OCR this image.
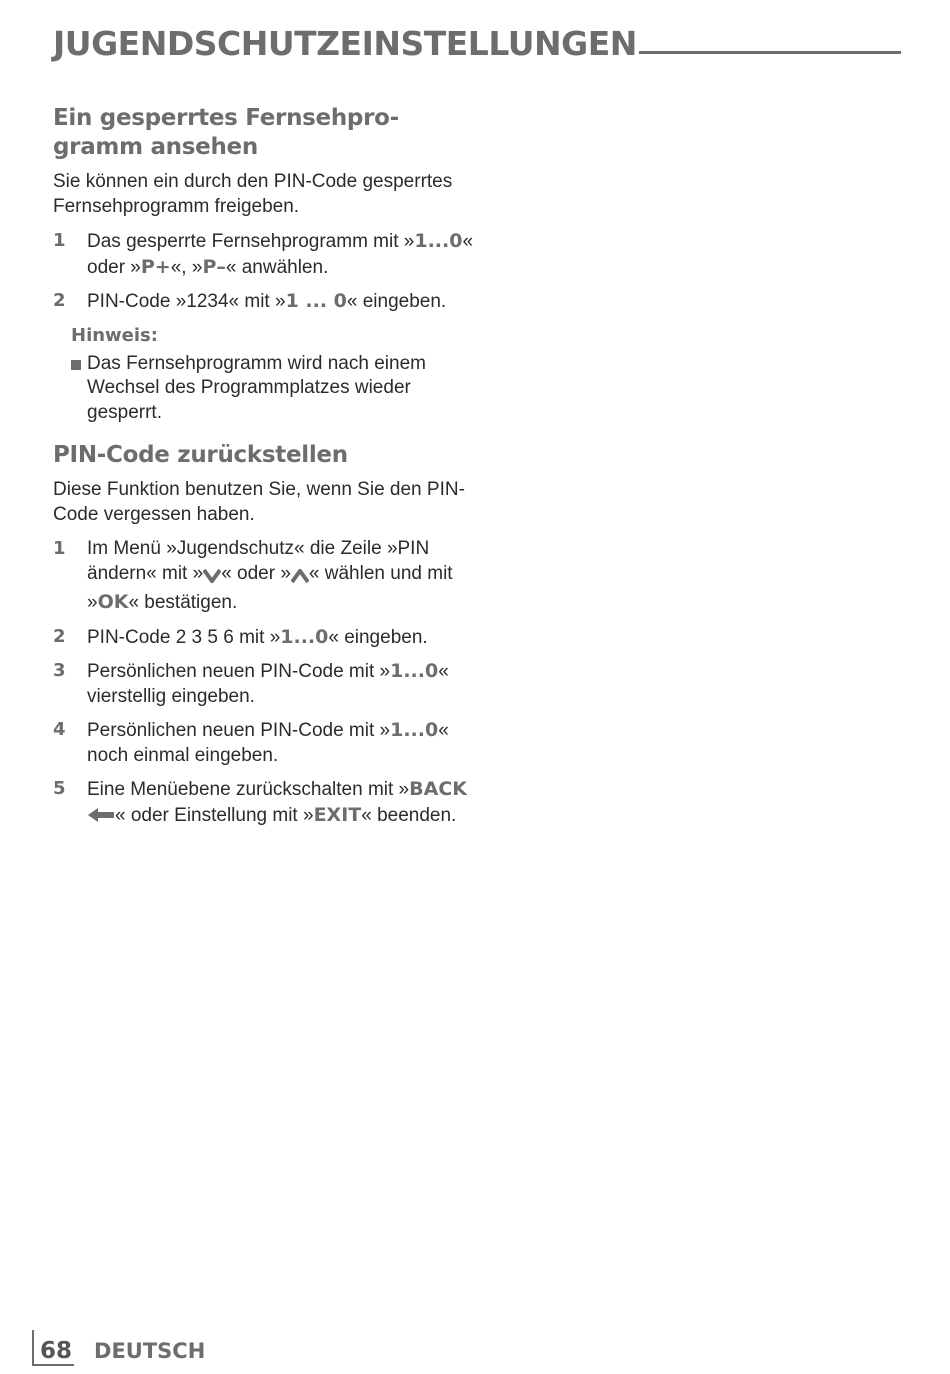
JUGENDSCHUTZEINSTELLUNGEN
Ein gesperrtes Fernsehpro-
gramm ansehen

Sie können ein durch den PIN-Code gesperrtes Fernsehprogramm freigeben.

1	Das gesperrte Fernsehprogramm mit »1...0« oder »P+«, »P–« anwählen.
2	PIN-Code »1234« mit »1 ... 0« eingeben.
Hinweis:
Das Fernsehprogramm wird nach einem Wechsel des Programmplatzes wieder gesperrt.
PIN-Code zurückstellen

Diese Funktion benutzen Sie, wenn Sie den PIN-Code vergessen haben.

1	Im Menü »Jugendschutz« die Zeile »PIN ändern« mit » « oder » « wählen und mit »OK« bestätigen.
2	PIN-Code 2 3 5 6 mit »1...0« eingeben.
3	Persönlichen neuen PIN-Code mit »1...0« vierstellig eingeben.
4	Persönlichen neuen PIN-Code mit »1...0« noch einmal eingeben.
5	Eine Menüebene zurückschalten mit »BACK
« oder Einstellung mit »EXIT« beenden.
68 DEUTSCH
